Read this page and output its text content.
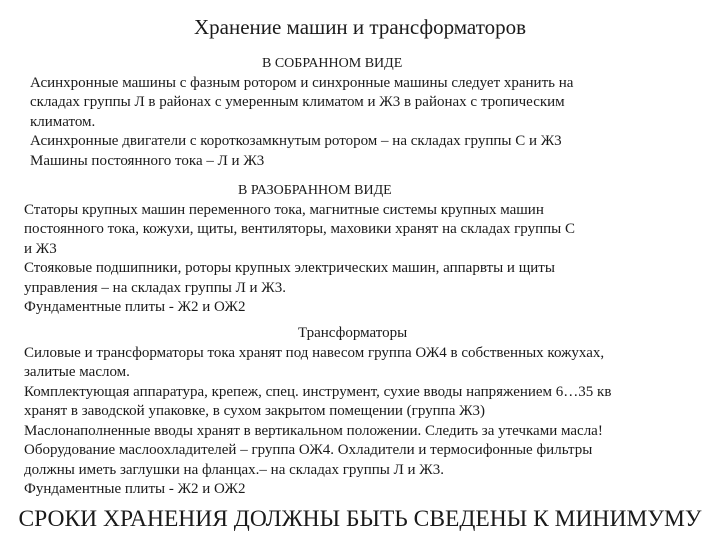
Хранение машин и трансформаторов
В СОБРАННОМ ВИДЕ
Асинхронные машины с фазным ротором и синхронные машины следует хранить на
складах группы Л в районах с умеренным климатом и Ж3 в районах с тропическим
климатом.
Асинхронные двигатели с короткозамкнутым ротором – на складах группы С и Ж3
Машины постоянного тока – Л и Ж3
В РАЗОБРАННОМ ВИДЕ
Статоры крупных машин переменного тока, магнитные системы крупных машин
постоянного тока, кожухи, щиты, вентиляторы, маховики хранят на складах группы С
и Ж3
Стояковые подшипники, роторы крупных электрических машин, аппарвты и щиты
управления – на складах группы Л и Ж3.
Фундаментные плиты - Ж2 и ОЖ2
Трансформаторы
Силовые и трансформаторы тока хранят под навесом группа ОЖ4 в собственных кожухах,
залитые маслом.
Комплектующая аппаратура, крепеж, спец. инструмент, сухие вводы напряжением 6…35 кв
хранят в заводской упаковке, в сухом закрытом помещении (группа Ж3)
Маслонаполненные вводы хранят в вертикальном положении. Следить за утечками масла!
Оборудование маслоохладителей – группа ОЖ4. Охладители и термосифонные фильтры
должны иметь заглушки на фланцах.– на складах группы Л и Ж3.
Фундаментные плиты - Ж2 и ОЖ2
СРОКИ ХРАНЕНИЯ ДОЛЖНЫ БЫТЬ СВЕДЕНЫ К МИНИМУМУ
